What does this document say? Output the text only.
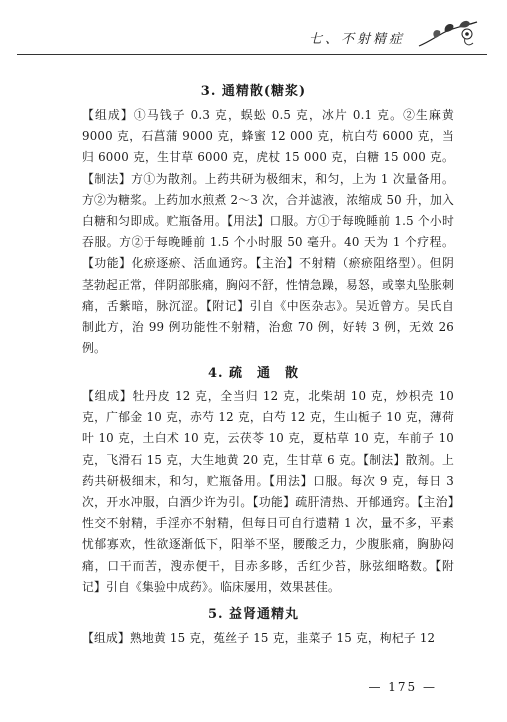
七、不射精症
3. 通精散(糖浆)

【组成】①马钱子 0.3 克，蜈蚣 0.5 克，冰片 0.1 克。②生麻黄 9000 克，石菖蒲 9000 克，蜂蜜 12 000 克，杭白芍 6000 克，当归 6000 克，生甘草 6000 克，虎杖 15 000 克，白糖 15 000 克。【制法】方①为散剂。上药共研为极细末，和匀，上为 1 次量备用。方②为糖浆。上药加水煎煮 2～3 次，合并滤液，浓缩成 50 升，加入白糖和匀即成。贮瓶备用。【用法】口服。方①于每晚睡前 1.5 个小时吞服。方②于每晚睡前 1.5 个小时服 50 毫升。40 天为 1 个疗程。【功能】化瘀逐瘀、活血通窍。【主治】不射精（瘀瘀阻络型）。但阴茎勃起正常，伴阴部胀痛，胸闷不舒，性情急躁，易怒，或睾丸坠胀刺痛，舌紫暗，脉沉涩。【附记】引自《中医杂志》。吴近曾方。吴氏自制此方，治 99 例功能性不射精，治愈 70 例，好转 3 例，无效 26 例。

4. 疏　通　散

【组成】牡丹皮 12 克，全当归 12 克，北柴胡 10 克，炒枳壳 10 克，广郁金 10 克，赤芍 12 克，白芍 12 克，生山栀子 10 克，薄荷叶 10 克，土白术 10 克，云茯苓 10 克，夏枯草 10 克，车前子 10 克，飞滑石 15 克，大生地黄 20 克，生甘草 6 克。【制法】散剂。上药共研极细末，和匀，贮瓶备用。【用法】口服。每次 9 克，每日 3 次，开水冲服，白酒少许为引。【功能】疏肝清热、开郁通窍。【主治】性交不射精，手淫亦不射精，但每日可自行遗精 1 次，量不多，平素忧郁寡欢，性欲逐渐低下，阳举不坚，腰酸乏力，少腹胀痛，胸胁闷痛，口干而苦，溲赤便干，目赤多眵，舌红少苔，脉弦细略数。【附记】引自《集验中成药》。临床屡用，效果甚佳。

5. 益肾通精丸

【组成】熟地黄 15 克，菟丝子 15 克，韭菜子 15 克，枸杞子 12

— 175 —
